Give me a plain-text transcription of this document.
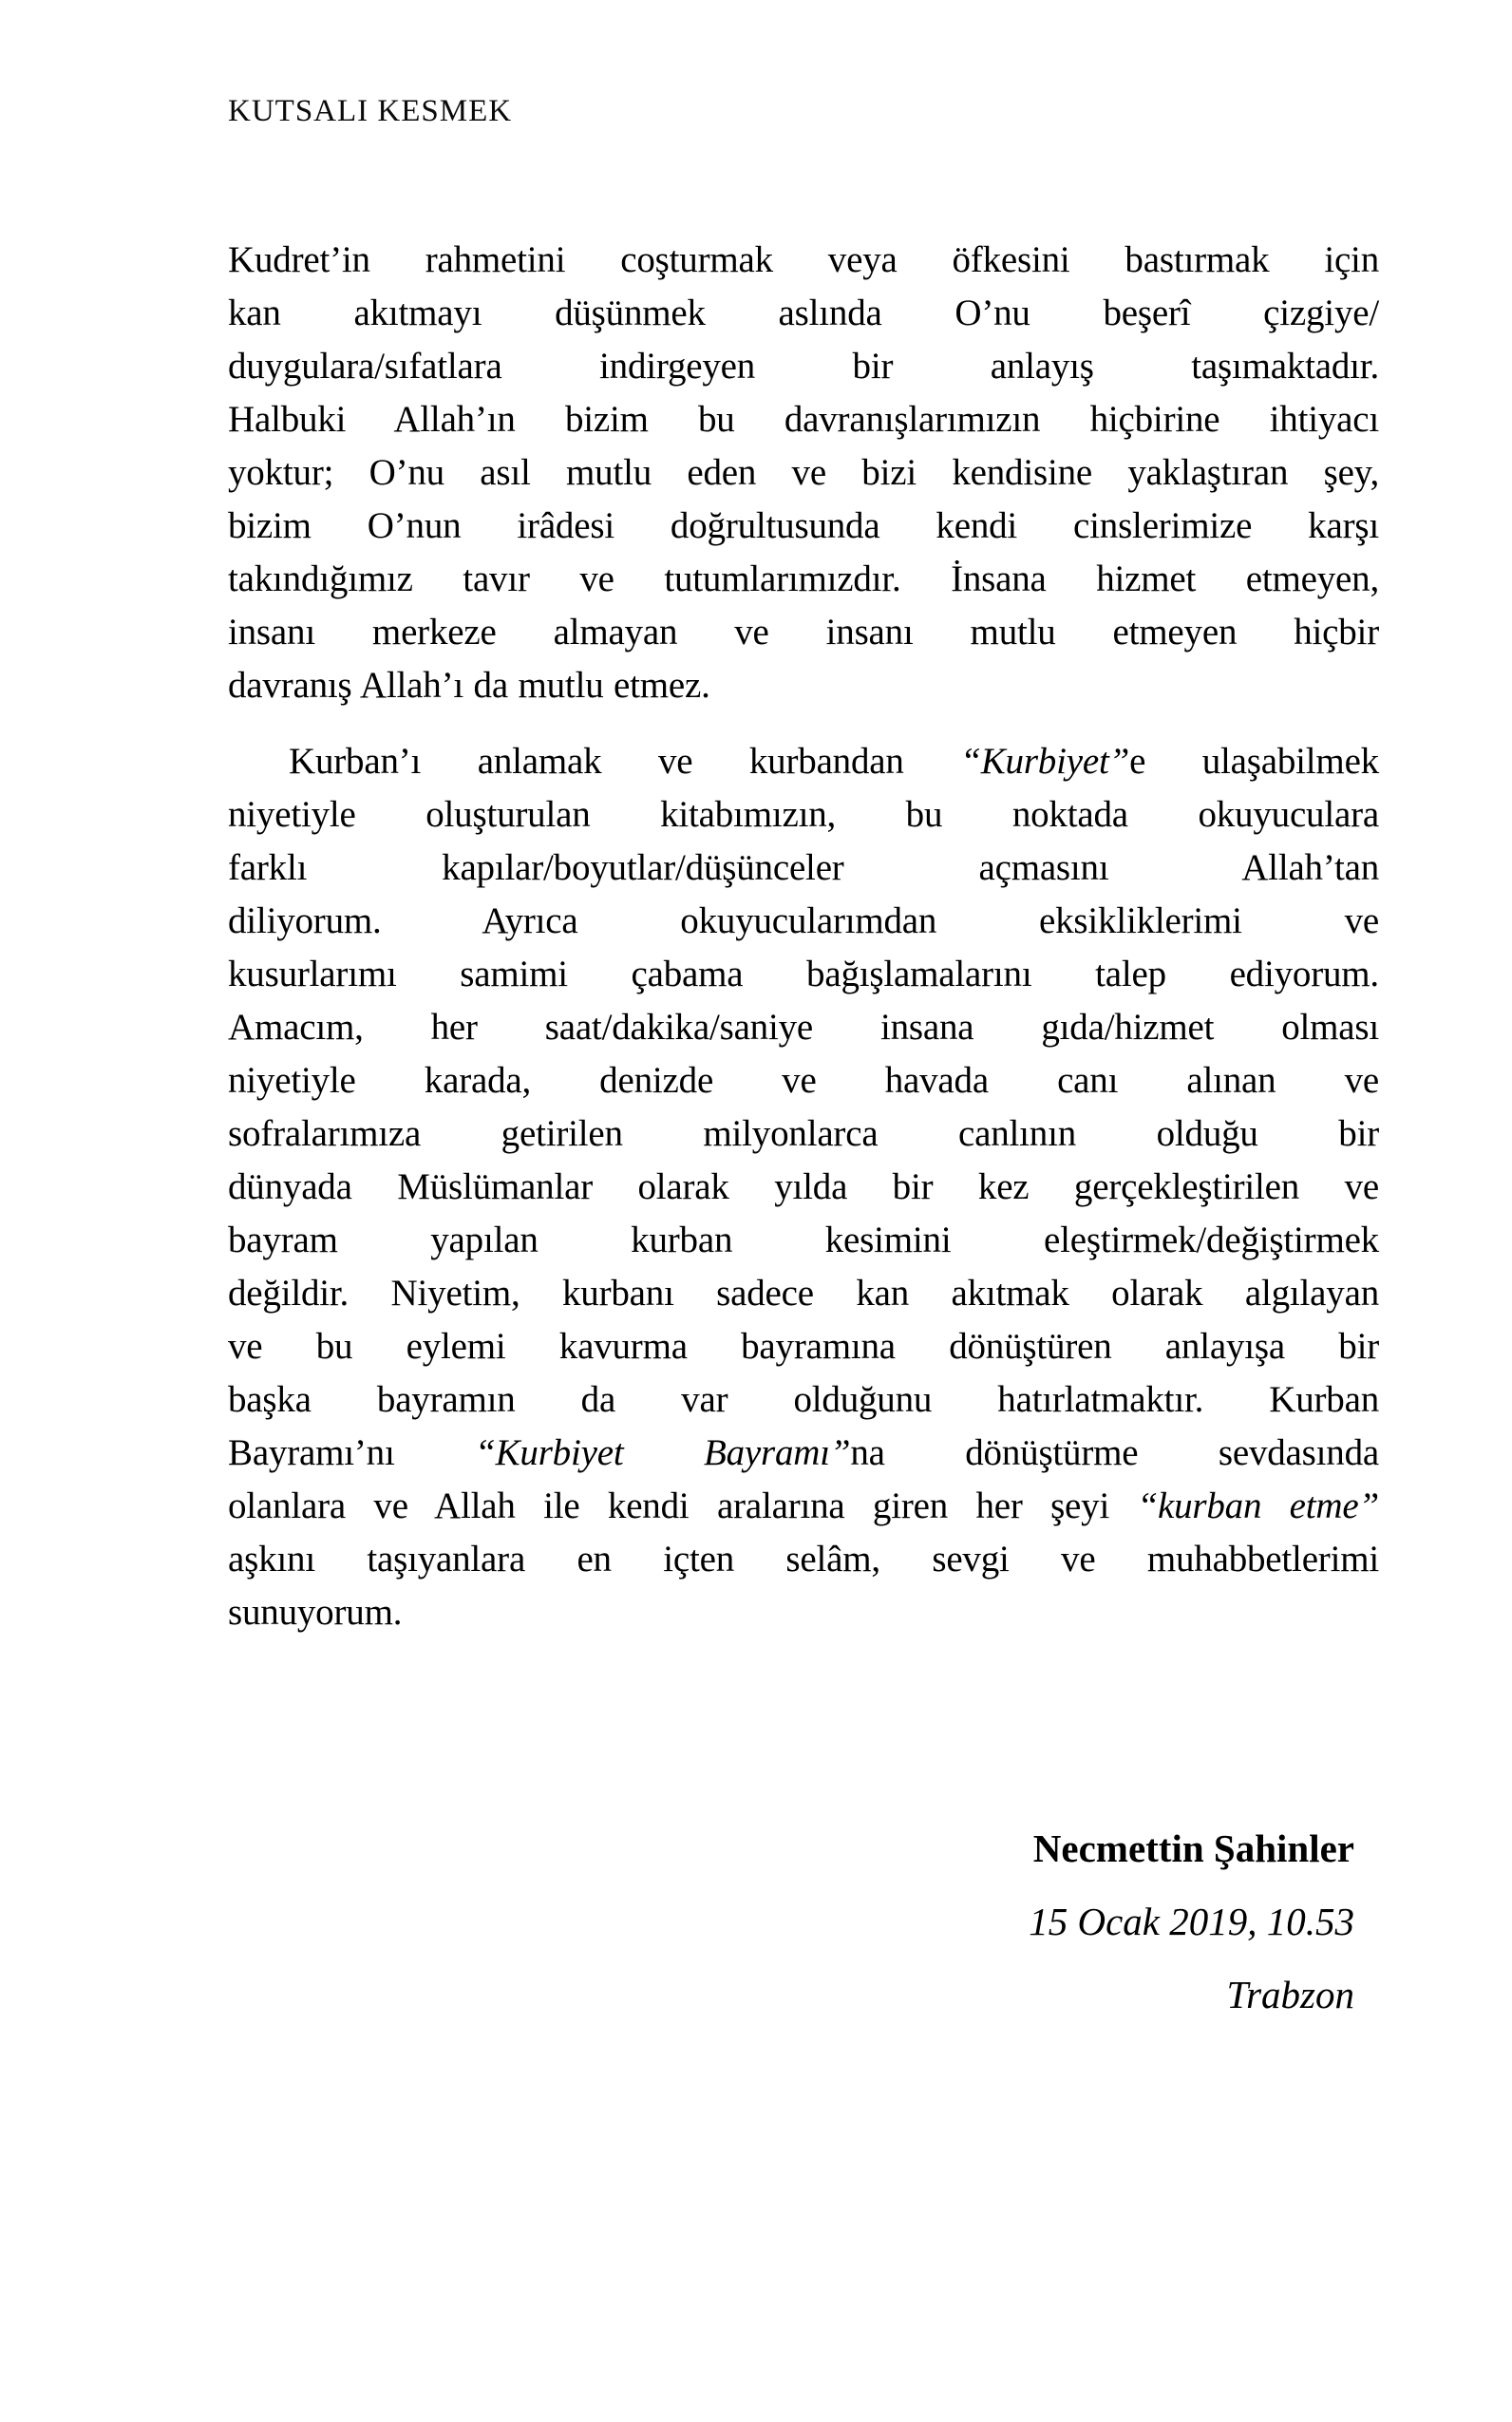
KUTSALI KESMEK
Kudret’in rahmetini coşturmak veya öfkesini bastırmak için
kan akıtmayı düşünmek aslında O’nu beşerî çizgiye/
duygulara/sıfatlara indirgeyen bir anlayış taşımaktadır.
Halbuki Allah’ın bizim bu davranışlarımızın hiçbirine ihtiyacı
yoktur; O’nu asıl mutlu eden ve bizi kendisine yaklaştıran şey,
bizim O’nun irâdesi doğrultusunda kendi cinslerimize karşı
takındığımız tavır ve tutumlarımızdır. İnsana hizmet etmeyen,
insanı merkeze almayan ve insanı mutlu etmeyen hiçbir
davranış Allah’ı da mutlu etmez.
Kurban’ı anlamak ve kurbandan “Kurbiyet”e ulaşabilmek
niyetiyle oluşturulan kitabımızın, bu noktada okuyuculara
farklı kapılar/boyutlar/düşünceler açmasını Allah’tan
diliyorum. Ayrıca okuyucularımdan eksikliklerimi ve
kusurlarımı samimi çabama bağışlamalarını talep ediyorum.
Amacım, her saat/dakika/saniye insana gıda/hizmet olması
niyetiyle karada, denizde ve havada canı alınan ve
sofralarımıza getirilen milyonlarca canlının olduğu bir
dünyada Müslümanlar olarak yılda bir kez gerçekleştirilen ve
bayram yapılan kurban kesimini eleştirmek/değiştirmek
değildir. Niyetim, kurbanı sadece kan akıtmak olarak algılayan
ve bu eylemi kavurma bayramına dönüştüren anlayışa bir
başka bayramın da var olduğunu hatırlatmaktır. Kurban
Bayramı’nı “Kurbiyet Bayramı”na dönüştürme sevdasında
olanlara ve Allah ile kendi aralarına giren her şeyi “kurban etme”
aşkını taşıyanlara en içten selâm, sevgi ve muhabbetlerimi
sunuyorum.
Necmettin Şahinler
15 Ocak 2019, 10.53
Trabzon
